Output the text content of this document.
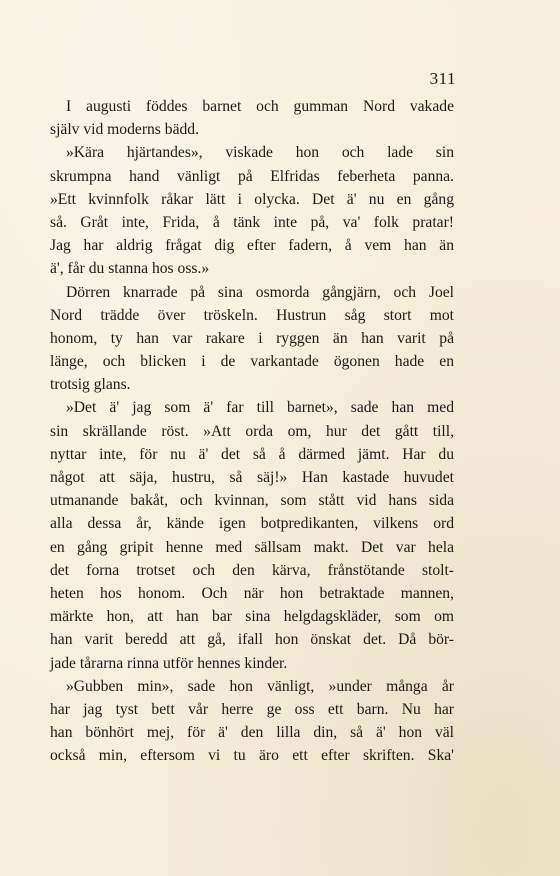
311
I augusti föddes barnet och gumman Nord vakade
själv vid moderns bädd.
»Kära hjärtandes», viskade hon och lade sin
skrumpna hand vänligt på Elfridas feberheta panna.
»Ett kvinnfolk råkar lätt i olycka. Det ä' nu en gång
så. Gråt inte, Frida, å tänk inte på, va' folk pratar!
Jag har aldrig frågat dig efter fadern, å vem han än
ä', får du stanna hos oss.»
Dörren knarrade på sina osmorda gångjärn, och Joel
Nord trädde över tröskeln. Hustrun såg stort mot
honom, ty han var rakare i ryggen än han varit på
länge, och blicken i de varkantade ögonen hade en
trotsig glans.
»Det ä' jag som ä' far till barnet», sade han med
sin skrällande röst. »Att orda om, hur det gått till,
nyttar inte, för nu ä' det så å därmed jämt. Har du
något att säja, hustru, så säj!» Han kastade huvudet
utmanande bakåt, och kvinnan, som stått vid hans sida
alla dessa år, kände igen botpredikanten, vilkens ord
en gång gripit henne med sällsam makt. Det var hela
det forna trotset och den kärva, frånstötande stolt-
heten hos honom. Och när hon betraktade mannen,
märkte hon, att han bar sina helgdagskläder, som om
han varit beredd att gå, ifall hon önskat det. Då bör-
jade tårarna rinna utför hennes kinder.
»Gubben min», sade hon vänligt, »under många år
har jag tyst bett vår herre ge oss ett barn. Nu har
han bönhört mej, för ä' den lilla din, så ä' hon väl
också min, eftersom vi tu äro ett efter skriften. Ska'
